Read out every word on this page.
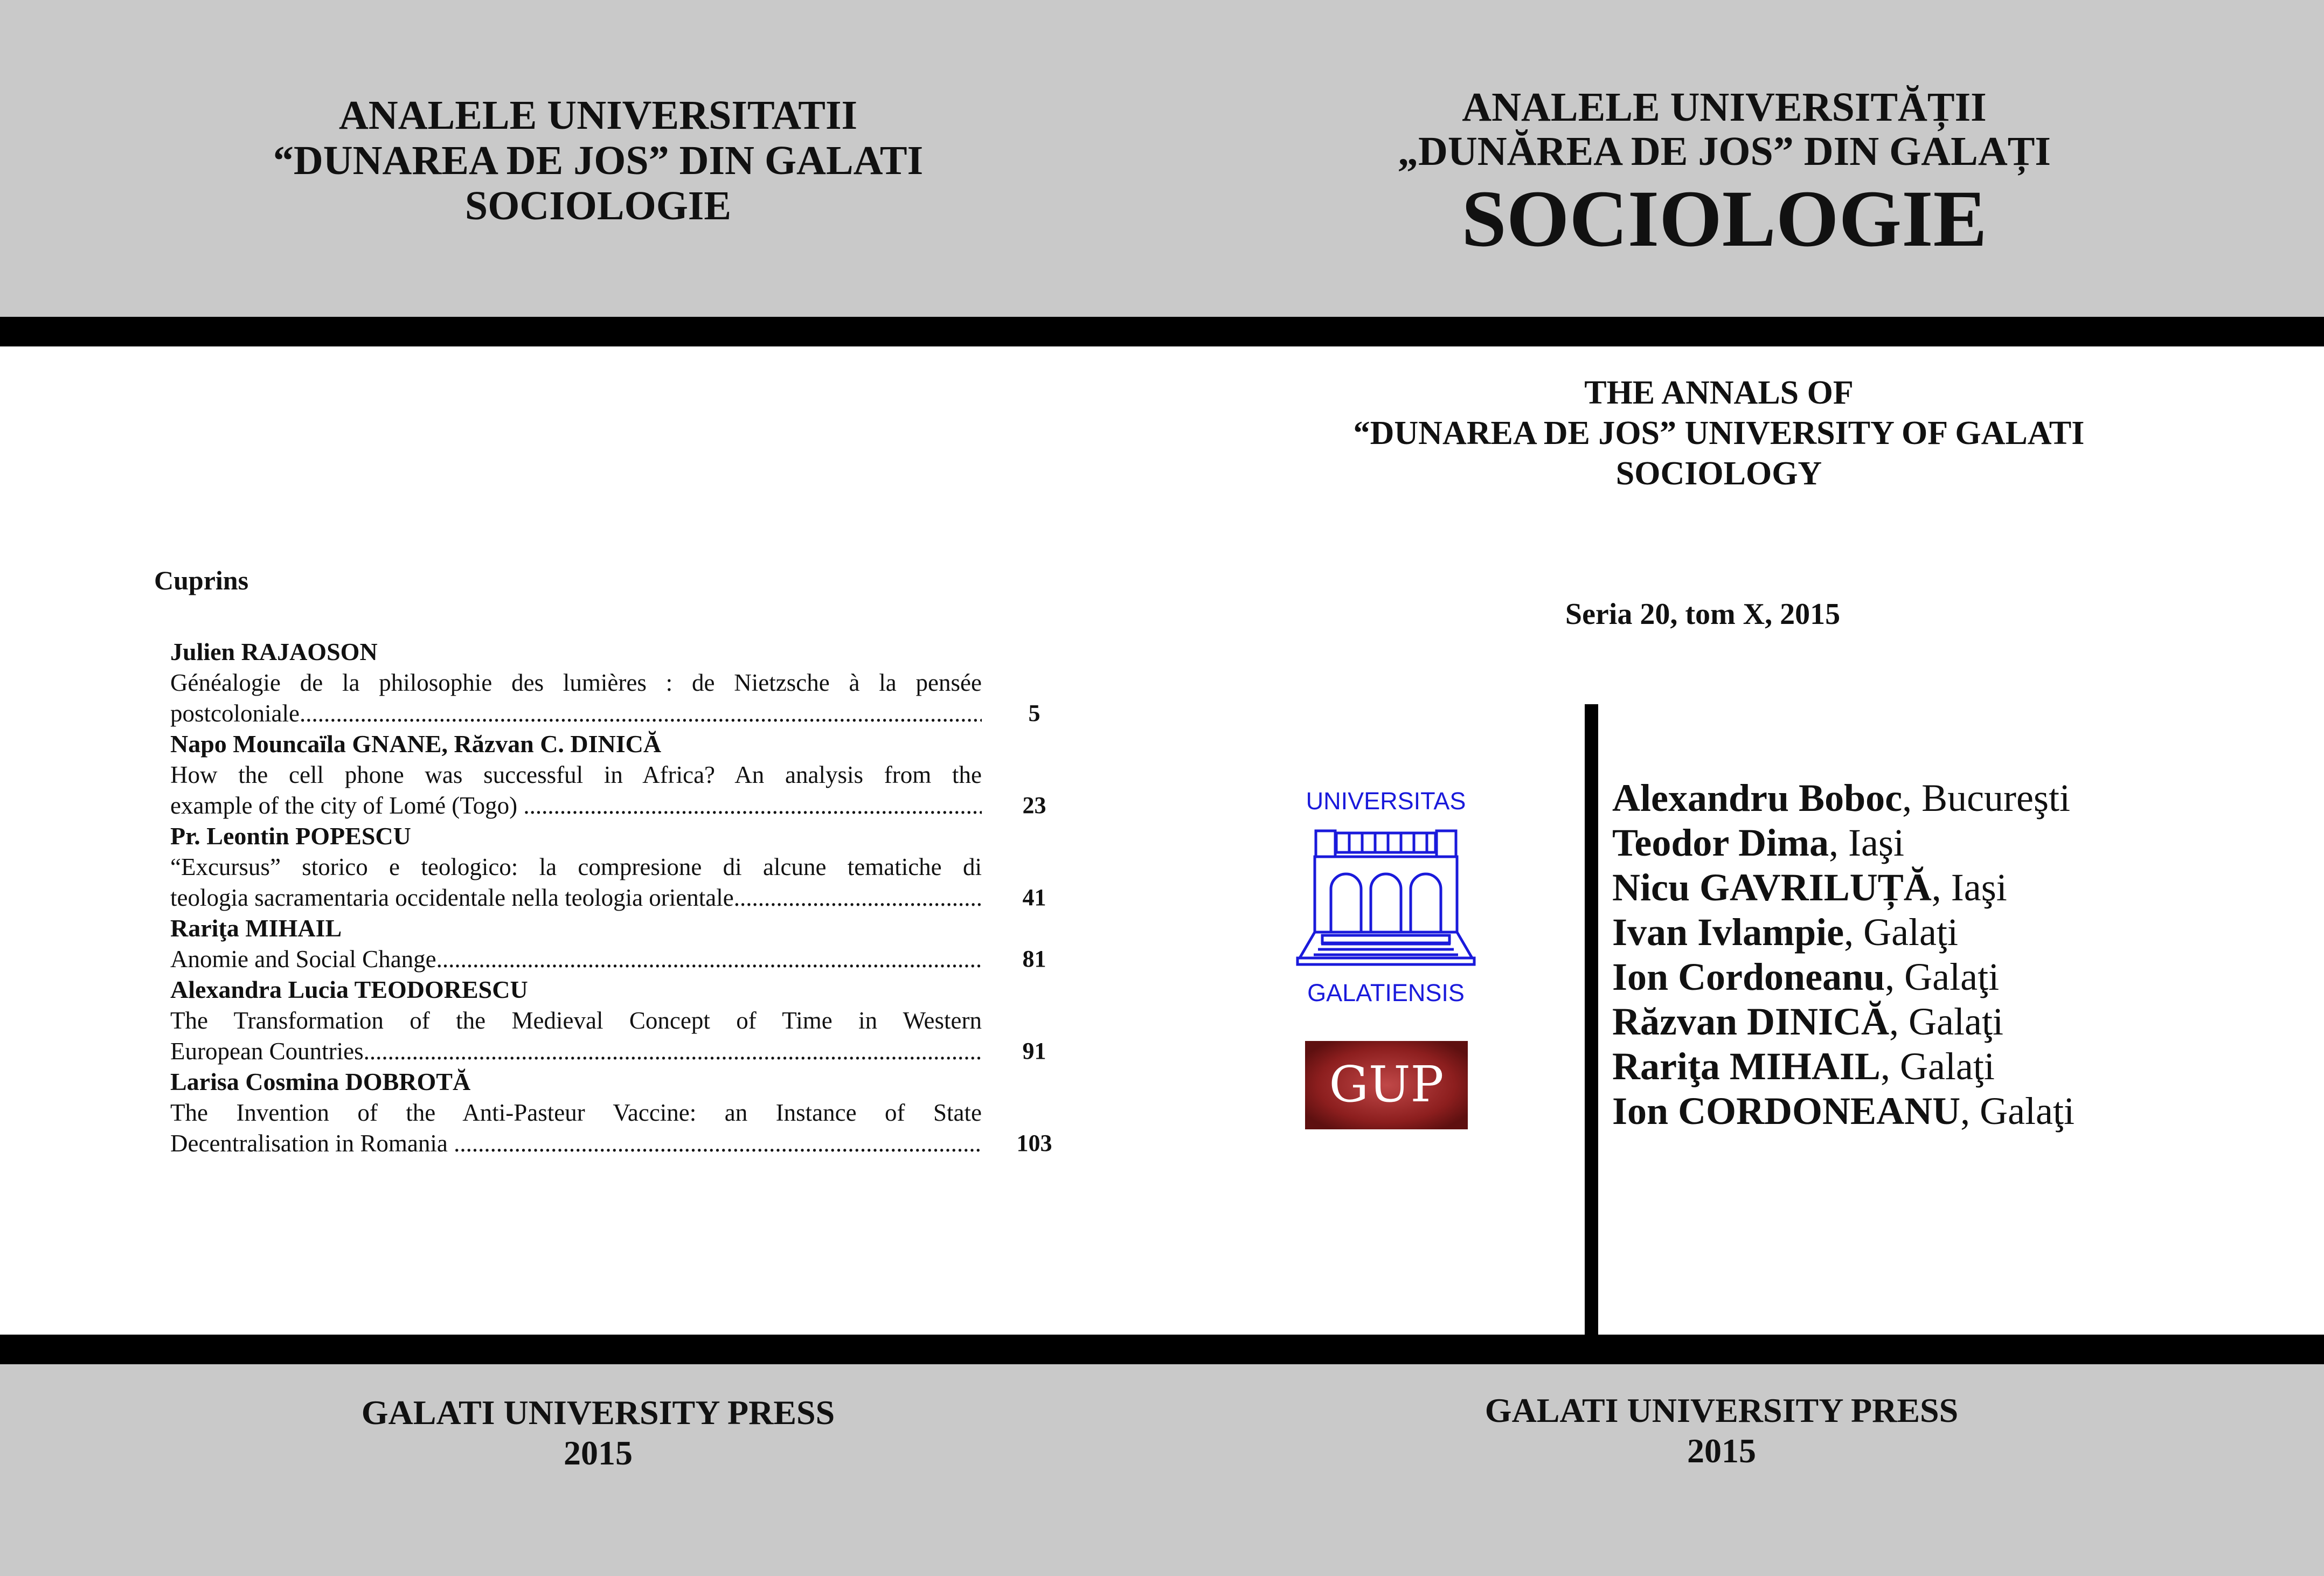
ANALELE UNIVERSITATII
“DUNAREA DE JOS” DIN GALATI
SOCIOLOGIE
Cuprins
Julien RAJAOSON
Généalogie de la philosophie des lumières : de Nietzsche à la pensée
postcoloniale .....	5
Napo Mouncaïla GNANE, Răzvan C. DINICĂ
How the cell phone was successful in Africa? An analysis from the
example of the city of Lomé (Togo) .....	23
Pr. Leontin POPESCU
“Excursus” storico e teologico: la compresione di alcune tematiche di
teologia sacramentaria occidentale nella teologia orientale .....	41
Rariţa MIHAIL
Anomie and Social Change .....	81
Alexandra Lucia TEODORESCU
The Transformation of the Medieval Concept of Time in Western
European Countries .....	91
Larisa Cosmina DOBROTĂ
The Invention of the Anti-Pasteur Vaccine: an Instance of State
Decentralisation in Romania .....	103
GALATI UNIVERSITY PRESS
2015
ANALELE UNIVERSITĂȚII
„DUNĂREA DE JOS” DIN GALAȚI
SOCIOLOGIE
THE ANNALS OF
“DUNAREA DE JOS” UNIVERSITY OF GALATI
SOCIOLOGY
Seria 20, tom X, 2015
UNIVERSITAS
GALATIENSIS
GUP
Alexandru Boboc, Bucureşti
Teodor Dima, Iaşi
Nicu GAVRILUȚĂ, Iaşi
Ivan Ivlampie, Galaţi
Ion Cordoneanu, Galaţi
Răzvan DINICĂ, Galaţi
Rariţa MIHAIL, Galaţi
Ion CORDONEANU, Galaţi
GALATI UNIVERSITY PRESS
2015
